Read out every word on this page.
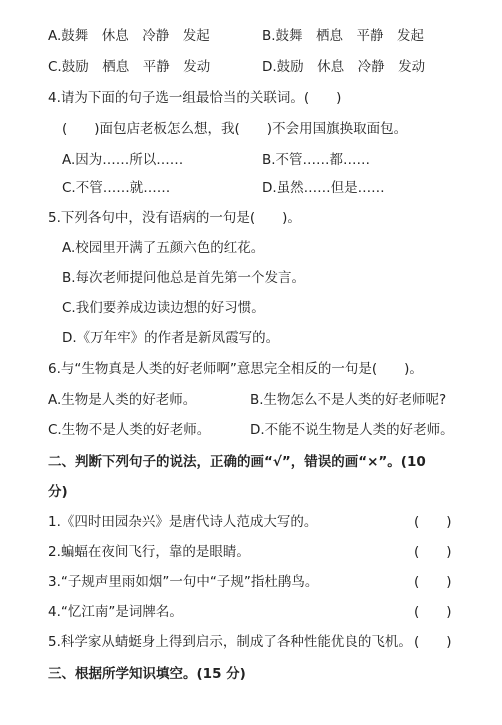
A.鼓舞　休息　冷静　发起	B.鼓舞　栖息　平静　发起
C.鼓励　栖息　平静　发动	D.鼓励　休息　冷静　发动
4.请为下面的句子选一组最恰当的关联词。(　　)
(　　)面包店老板怎么想，我(　　)不会用国旗换取面包。
A.因为……所以……	B.不管……都……
C.不管……就……	D.虽然……但是……
5.下列各句中，没有语病的一句是(　　)。
A.校园里开满了五颜六色的红花。
B.每次老师提问他总是首先第一个发言。
C.我们要养成边读边想的好习惯。
D.《万年牢》的作者是新凤霞写的。
6.与“生物真是人类的好老师啊”意思完全相反的一句是(　　)。
A.生物是人类的好老师。	B.生物怎么不是人类的好老师呢?
C.生物不是人类的好老师。	D.不能不说生物是人类的好老师。
二、判断下列句子的说法，正确的画“√”，错误的画“×”。(10
分)
1.《四时田园杂兴》是唐代诗人范成大写的。	(　　)
2.蝙蝠在夜间飞行，靠的是眼睛。	(　　)
3.“子规声里雨如烟”一句中“子规”指杜鹃鸟。	(　　)
4.“忆江南”是词牌名。	(　　)
5.科学家从蜻蜓身上得到启示，制成了各种性能优良的飞机。 (　　)
三、根据所学知识填空。(15 分)
